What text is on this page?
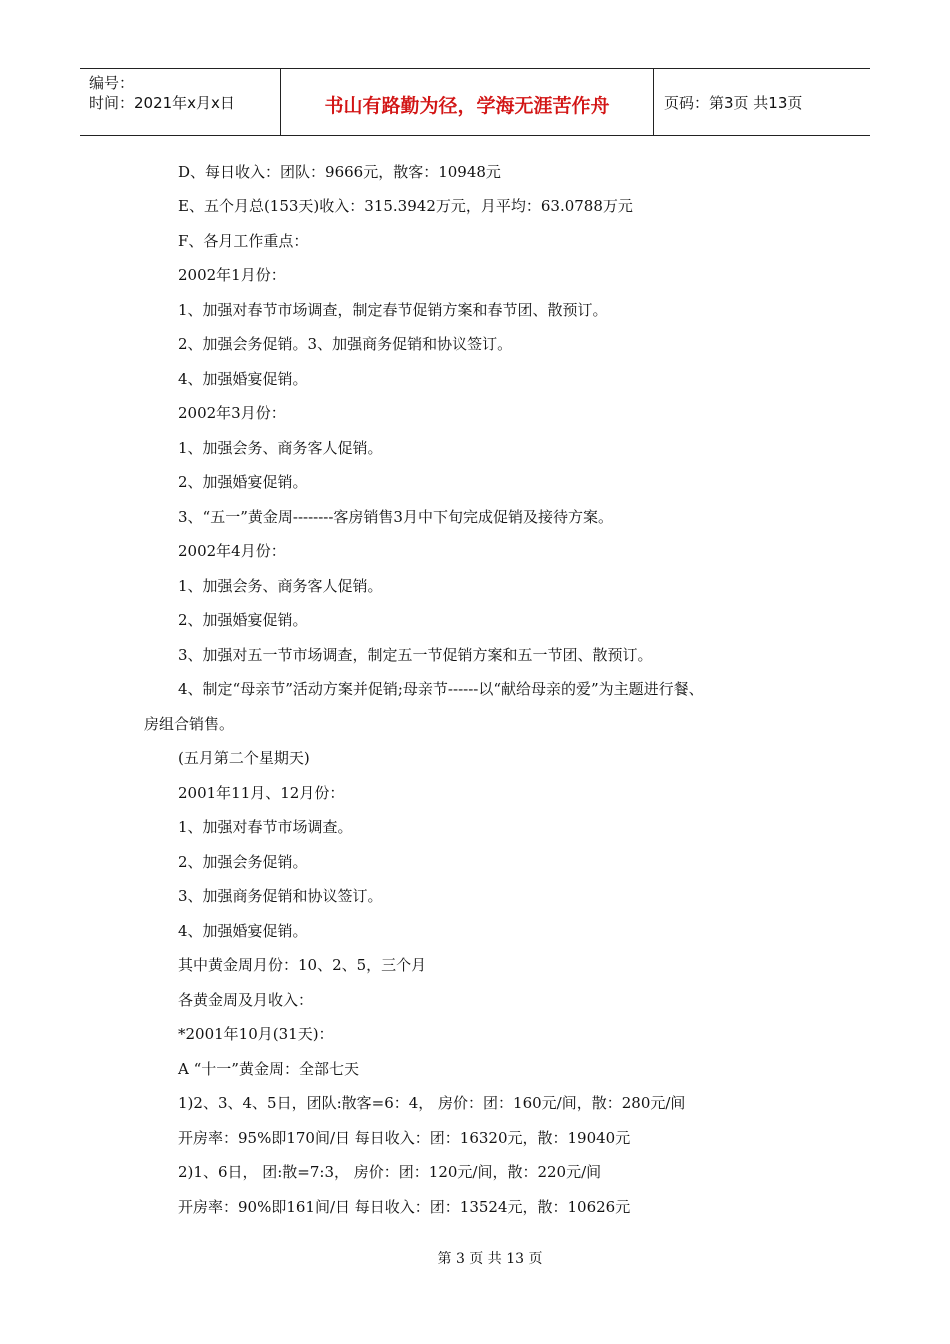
编号：
时间：2021年x月x日	书山有路勤为径，学海无涯苦作舟	页码：第3页 共13页
D、每日收入：团队：9666元，散客：10948元
E、五个月总(153天)收入：315.3942万元，月平均：63.0788万元
F、各月工作重点：
2002年1月份：
1、加强对春节市场调查，制定春节促销方案和春节团、散预订。
2、加强会务促销。3、加强商务促销和协议签订。
4、加强婚宴促销。
2002年3月份：
1、加强会务、商务客人促销。
2、加强婚宴促销。
3、“五一”黄金周--------客房销售3月中下旬完成促销及接待方案。
2002年4月份：
1、加强会务、商务客人促销。
2、加强婚宴促销。
3、加强对五一节市场调查，制定五一节促销方案和五一节团、散预订。
4、制定“母亲节”活动方案并促销;母亲节------以“献给母亲的爱”为主题进行餐、
房组合销售。
(五月第二个星期天)
2001年11月、12月份：
1、加强对春节市场调查。
2、加强会务促销。
3、加强商务促销和协议签订。
4、加强婚宴促销。
其中黄金周月份：10、2、5，三个月
各黄金周及月收入：
*2001年10月(31天)：
A “十一”黄金周：全部七天
1)2、3、4、5日，团队:散客=6：4， 房价：团：160元/间，散：280元/间
开房率：95%即170间/日 每日收入：团：16320元，散：19040元
2)1、6日， 团:散=7:3， 房价：团：120元/间，散：220元/间
开房率：90%即161间/日 每日收入：团：13524元，散：10626元
第 3 页 共 13 页
